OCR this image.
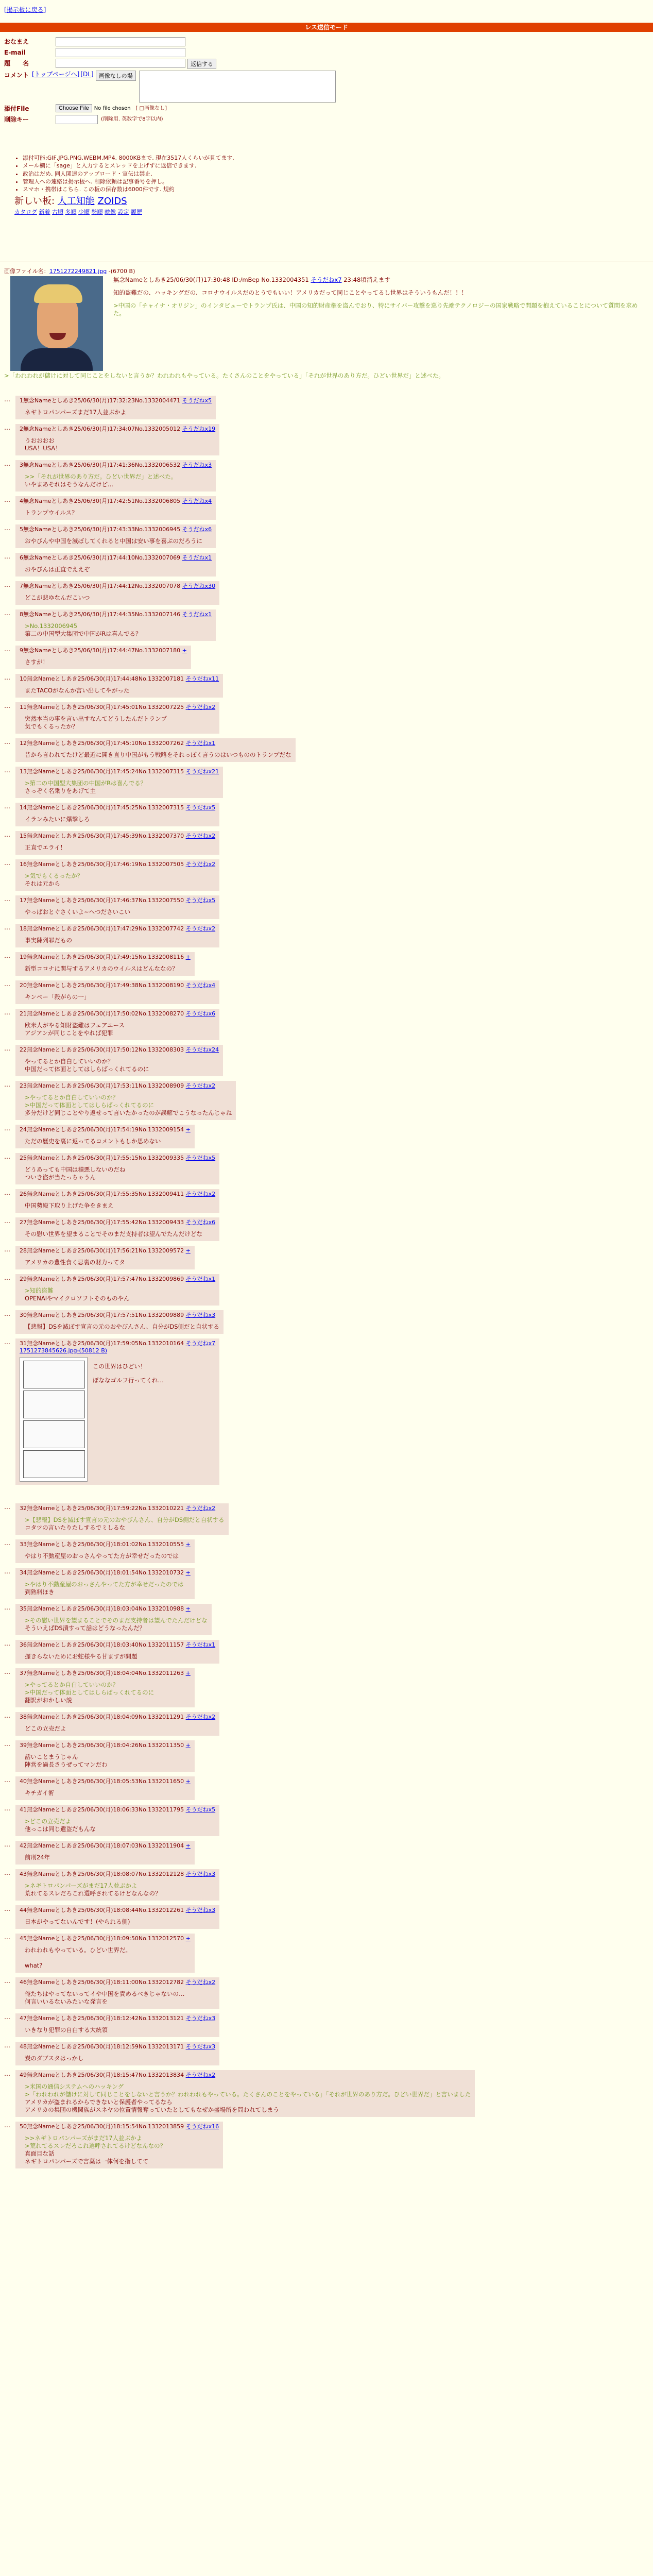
[掲示板に戻る]
レス送信モード
おなまえ
E-mail
題　　名	返信する
コメント [トップページへ] [DL] 画像なしの場
添付File	Choose File	No file chosen [ □画像なし]
削除キー	(削除用. 英数字で8字以内)
• 添付可能:GIF,JPG,PNG,WEBM,MP4. 8000KBまで. 現在3517人くらいが見てます.
• メール欄に「sage」と入力するとスレッドを上げずに返信できます.
• 政治はだめ. 同人関連のアップロード・宣伝は禁止.
• 管理人への連絡は掲示板へ. 削除依頼は記事番号を押し。
• スマホ・携帯はこちら. この板の保存数は6000件です. 規約
新しい板: 人工知能 ZOIDS
カタログ 新着 古順 多順 少順 勢順 映像 設定 履歴
画像ファイル名：1751272249821.jpg -(6700 B)

無念Nameとしあき25/06/30(月)17:30:48 ID:/mBep No.1332004351 そうだねx7 23:48頃消えます

知的盗難だの、ハッキングだの、コロナウイルスだのとうでもいい！アメリカだって同じことやってるし世界はそういうもんだ！！！

>中国の「チャイナ・オリジン」のインタビューでトランプ氏は、中国の知的財産権を盗んでおり、特にサイバー攻撃を巡り先端テクノロジーの国家戦略で問題を抱えていることについて質問を求めた。

>「われわれが儲けに対して同じことをしないと言うか？われわれもやっている。たくさんのことをやっている」「それが世界のあり方だ。ひどい世界だ」と述べた。
…	1無念Nameとしあき25/06/30(月)17:32:23No.1332004471 そうだねx5

ネギトロパンパーズまだ17人並ぶかよ

…	2無念Nameとしあき25/06/30(月)17:34:07No.1332005012 そうだねx19

うおおおお

USA！USA！

…	3無念Nameとしあき25/06/30(月)17:41:36No.1332006532 そうだねx3

>>「それが世界のあり方だ。ひどい世界だ」と述べた。

いやまあそれはそうなんだけど...

…	4無念Nameとしあき25/06/30(月)17:42:51No.1332006805 そうだねx4

トランプウイルス？

…	5無念Nameとしあき25/06/30(月)17:43:33No.1332006945 そうだねx6

おやびんや中国を滅ぼしてくれると中国は安い事を喜ぶのだろうに

…	6無念Nameとしあき25/06/30(月)17:44:10No.1332007069 そうだねx1

おやびんは正直でええぞ

…	7無念Nameとしあき25/06/30(月)17:44:12No.1332007078 そうだねx30

どこが悲ゆなんだこいつ

…	8無念Nameとしあき25/06/30(月)17:44:35No.1332007146 そうだねx1

>No.1332006945

第二の中国型大集団で中国がRは喜んでる？

…	9無念Nameとしあき25/06/30(月)17:44:47No.1332007180 +

さすが！

…	10無念Nameとしあき25/06/30(月)17:44:48No.1332007181 そうだねx11

またTACOがなんか言い出してやがった

…	11無念Nameとしあき25/06/30(月)17:45:01No.1332007225 そうだねx2

突然本当の事を言い出すなんてどうしたんだトランプ

気でもくるったか？

…	12無念Nameとしあき25/06/30(月)17:45:10No.1332007262 そうだねx1

昔から言われてたけど最近に開き直り中国がもう戦略をそれっぽく言うのはいつもののトランプだな

…	13無念Nameとしあき25/06/30(月)17:45:24No.1332007315 そうだねx21

>第二の中国型大集団の中国がRは喜んでる？

さっぞく名乗りをあげて主

…	14無念Nameとしあき25/06/30(月)17:45:25No.1332007315 そうだねx5

イランみたいに爆撃しろ

…	15無念Nameとしあき25/06/30(月)17:45:39No.1332007370 そうだねx2

正直でエライ！

…	16無念Nameとしあき25/06/30(月)17:46:19No.1332007505 そうだねx2

>気でもくるったか？

それは元から

…	17無念Nameとしあき25/06/30(月)17:46:37No.1332007550 そうだねx5

やっぱおとぐさくいよ~へつださいこい

…	18無念Nameとしあき25/06/30(月)17:47:29No.1332007742 そうだねx2

事実陳列罪だもの

…	19無念Nameとしあき25/06/30(月)17:49:15No.1332008116 +

新型コロナに関与するアメリカのウイルスはどんななの？

…	20無念Nameとしあき25/06/30(月)17:49:38No.1332008190 そうだねx4

キンペー「殺がらの一」

…	21無念Nameとしあき25/06/30(月)17:50:02No.1332008270 そうだねx6

欧米人がやる知財盗難はフェアユース

アジアンが同じことをやれば犯罪

…	22無念Nameとしあき25/06/30(月)17:50:12No.1332008303 そうだねx24

やってるとか自白していいのか？

中国だって体面としてはしらばっくれてるのに

…	23無念Nameとしあき25/06/30(月)17:53:11No.1332008909 そうだねx2

>やってるとか自白していいのか？

>中国だって体面としてはしらばっくれてるのに

多分だけど同じことやり返せって言いたかったのが誤解でこうなったんじゃね

…	24無念Nameとしあき25/06/30(月)17:54:19No.1332009154 +

ただの歴史を裏に返ってるコメントもしか思めない

…	25無念Nameとしあき25/06/30(月)17:55:15No.1332009335 そうだねx5

どうあっても中国は積悪しないのだね

ついき盗が当たっちゃうん

…	26無念Nameとしあき25/06/30(月)17:55:35No.1332009411 そうだねx2

中国勢殿下取り上げた争をきまえ

…	27無念Nameとしあき25/06/30(月)17:55:42No.1332009433 そうだねx6

その慰い世界を望まることでそのまだ支持者は望んでたんだけどな

…	28無念Nameとしあき25/06/30(月)17:56:21No.1332009572 +

アメリカの豊性食く忌裏の財力ってタ

…	29無念Nameとしあき25/06/30(月)17:57:47No.1332009869 そうだねx1

>知的盗難

OPENAIやマイクロソフトそのものやん

…	30無念Nameとしあき25/06/30(月)17:57:51No.1332009889 そうだねx3

【悲報】DSを滅ぼす宣言の元のおやびんさん、自分がDS側だと自状する

…	31無念Nameとしあき25/06/30(月)17:59:05No.1332010164 そうだねx7
1751273845626.jpg-(50812 B)

この世界はひどい！

ぼななゴルフ行ってくれ…

…	32無念Nameとしあき25/06/30(月)17:59:22No.1332010221 そうだねx2

>【悲報】DSを滅ぼす宣言の元のおやびんさん、自分がDS側だと自状する

コタツの言いたりたしするでミしるな

…	33無念Nameとしあき25/06/30(月)18:01:02No.1332010555 +

やはり不動産屋のおっさんやってた方が幸せだったのでは

…	34無念Nameとしあき25/06/30(月)18:01:54No.1332010732 +

>やはり不動産屋のおっさんやってた方が幸せだったのでは

到熟料ほき

…	35無念Nameとしあき25/06/30(月)18:03:04No.1332010988 +

>その慰い世界を望まることでそのまだ支持者は望んでたんだけどな

そういえばDS潰すって話はどうなったんだ？

…	36無念Nameとしあき25/06/30(月)18:03:40No.1332011157 そうだねx1

握きらないためにお蛇様やる甘ますが問題

…	37無念Nameとしあき25/06/30(月)18:04:04No.1332011263 +

>やってるとか自白していいのか？

>中国だって体面としてはしらばっくれてるのに

翻訳がおかしい説

…	38無念Nameとしあき25/06/30(月)18:04:09No.1332011291 そうだねx2

どこの立売だよ

…	39無念Nameとしあき25/06/30(月)18:04:26No.1332011350 +

話いことまうじゃん

陣営を過長さうぜってマンだわ

…	40無念Nameとしあき25/06/30(月)18:05:53No.1332011650 +

キチガイ術

…	41無念Nameとしあき25/06/30(月)18:06:33No.1332011795 そうだねx5

>どこの立売だよ

他っこは同じ遺盗だもんな

…	42無念Nameとしあき25/06/30(月)18:07:03No.1332011904 +

前刑24年

…	43無念Nameとしあき25/06/30(月)18:08:07No.1332012128 そうだねx3

>ネギトロパンパーズがまだ17人並ぶかよ

荒れてるスレだろこれ選呼されてるけどなんなの？

…	44無念Nameとしあき25/06/30(月)18:08:44No.1332012261 そうだねx3

日本がやってないんです！(やられる側)

…	45無念Nameとしあき25/06/30(月)18:09:50No.1332012570 +

われわれもやっている。ひどい世界だ。

what?

…	46無念Nameとしあき25/06/30(月)18:11:00No.1332012782 そうだねx2

俺たちはやってないってイや中国を責めるべきじゃないの…

何言いいるないみたいな発言を

…	47無念Nameとしあき25/06/30(月)18:12:42No.1332013121 そうだねx3

いきなり犯罪の自白する大統領

…	48無念Nameとしあき25/06/30(月)18:12:59No.1332013171 そうだねx3

炭のダブスタはっかし

…	49無念Nameとしあき25/06/30(月)18:15:47No.1332013834 そうだねx2

>米国の通信システムへのハッキング

>「われわれが儲けに対して同じことをしないと言うか？われわれもやっている。たくさんのことをやっている」「それが世界のあり方だ。ひどい世界だ」と言いました

アメリカが盗まれるからできないと保護者やってるなら

アメリカの集団の機関族がスネヤの位置情報奪っていたとしてもなぜか盛場所を問われてしまう

…	50無念Nameとしあき25/06/30(月)18:15:54No.1332013859 そうだねx16

>>ネギトロパンパーズがまだ17人並ぶかよ

>荒れてるスレだろこれ選呼されてるけどなんなの？

真面目な話

ネギトロパンパーズで言葉は一体何を指してて
